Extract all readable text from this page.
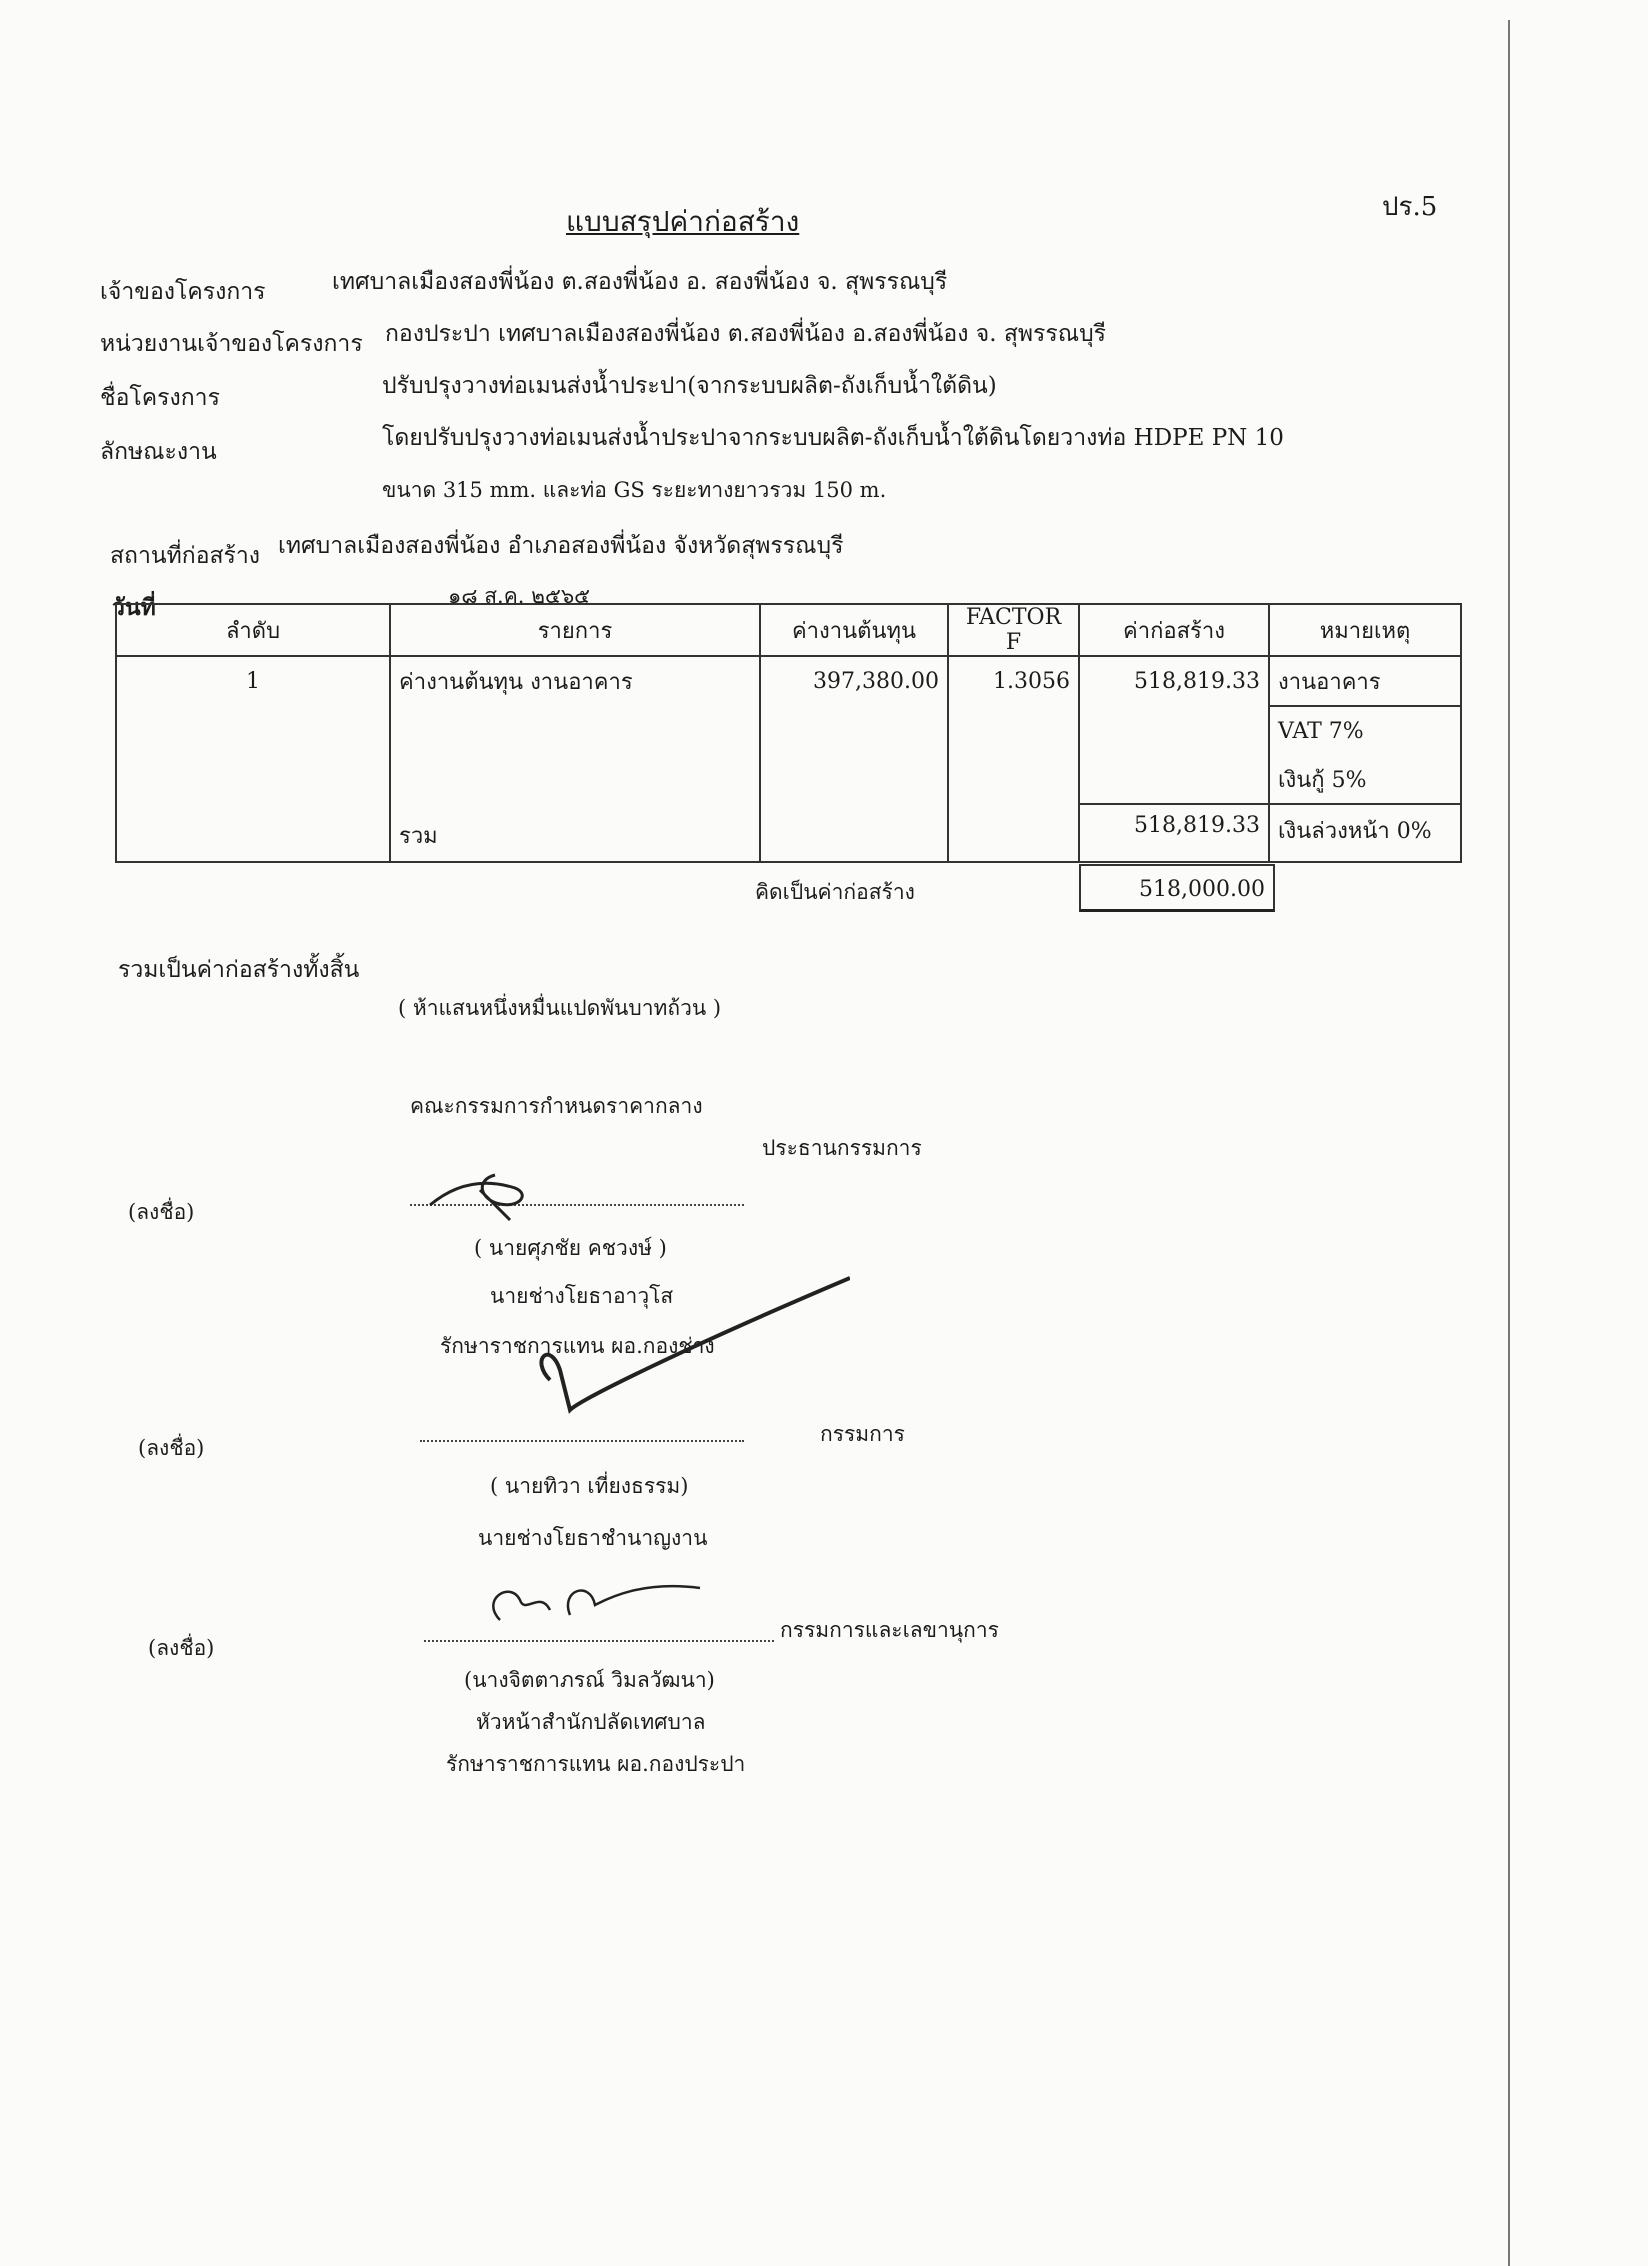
ปร.5
แบบสรุปค่าก่อสร้าง
เจ้าของโครงการ	เทศบาลเมืองสองพี่น้อง ต.สองพี่น้อง อ. สองพี่น้อง จ. สุพรรณบุรี
หน่วยงานเจ้าของโครงการ กองประปา เทศบาลเมืองสองพี่น้อง ต.สองพี่น้อง อ.สองพี่น้อง จ. สุพรรณบุรี
ชื่อโครงการ	ปรับปรุงวางท่อเมนส่งน้ำประปา(จากระบบผลิต-ถังเก็บน้ำใต้ดิน)
ลักษณะงาน
โดยปรับปรุงวางท่อเมนส่งน้ำประปาจากระบบผลิต-ถังเก็บน้ำใต้ดินโดยวางท่อ HDPE PN 10
ขนาด 315 mm. และท่อ GS ระยะทางยาวรวม 150 m.
สถานที่ก่อสร้าง เทศบาลเมืองสองพี่น้อง อำเภอสองพี่น้อง จังหวัดสุพรรณบุรี
วันที่	๑๘ ส.ค. ๒๕๖๕
ลำดับ	รายการ	ค่างานต้นทุน	FACTOR F	ค่าก่อสร้าง	หมายเหตุ
1	ค่างานต้นทุน งานอาคาร	397,380.00	1.3056	518,819.33	งานอาคาร
					VAT 7%
					เงินกู้ 5%
	รวม			518,819.33	เงินล่วงหน้า 0%
คิดเป็นค่าก่อสร้าง	518,000.00
รวมเป็นค่าก่อสร้างทั้งสิ้น
( ห้าแสนหนึ่งหมื่นแปดพันบาทถ้วน )
คณะกรรมการกำหนดราคากลาง
ประธานกรรมการ
(ลงชื่อ)
( นายศุภชัย คชวงษ์ )
นายช่างโยธาอาวุโส
รักษาราชการแทน ผอ.กองช่าง
(ลงชื่อ)
กรรมการ
( นายทิวา เที่ยงธรรม)
นายช่างโยธาชำนาญงาน
(ลงชื่อ)
กรรมการและเลขานุการ
(นางจิตตาภรณ์ วิมลวัฒนา)
หัวหน้าสำนักปลัดเทศบาล
รักษาราชการแทน ผอ.กองประปา
